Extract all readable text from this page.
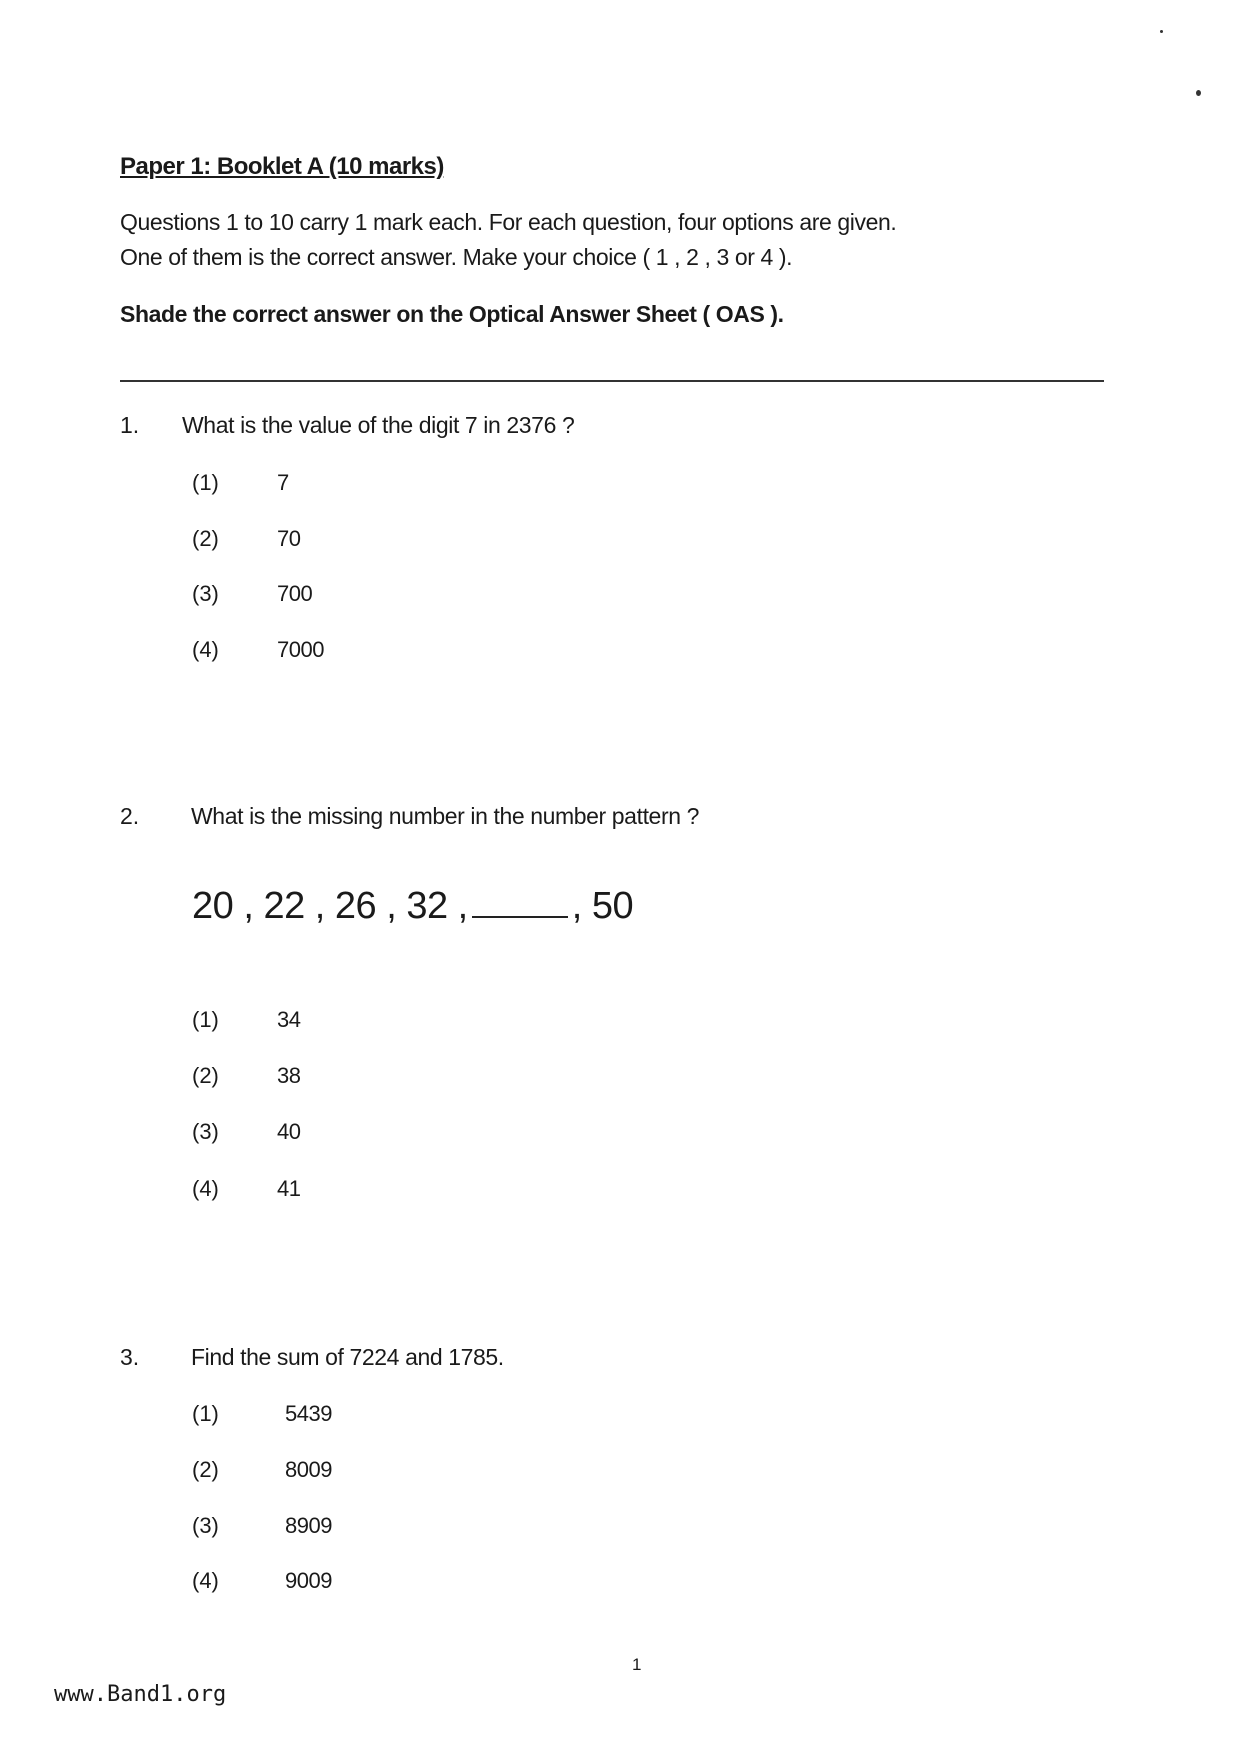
Paper 1: Booklet A (10 marks)
Questions 1 to 10 carry 1 mark each. For each question, four options are given.
One of them is the correct answer. Make your choice ( 1 , 2 , 3 or 4 ).
Shade the correct answer on the Optical Answer Sheet ( OAS ).
1. What is the value of the digit 7 in 2376 ?
(1)	7
(2)	70
(3)	700
(4)	7000
2. What is the missing number in the number pattern ?
20 , 22 , 26 , 32 ,	, 50
(1)	34
(2)	38
(3)	40
(4)	41
3. Find the sum of 7224 and 1785.
(1)	5439
(2)	8009
(3)	8909
(4)	9009
1
www.Band1.org
